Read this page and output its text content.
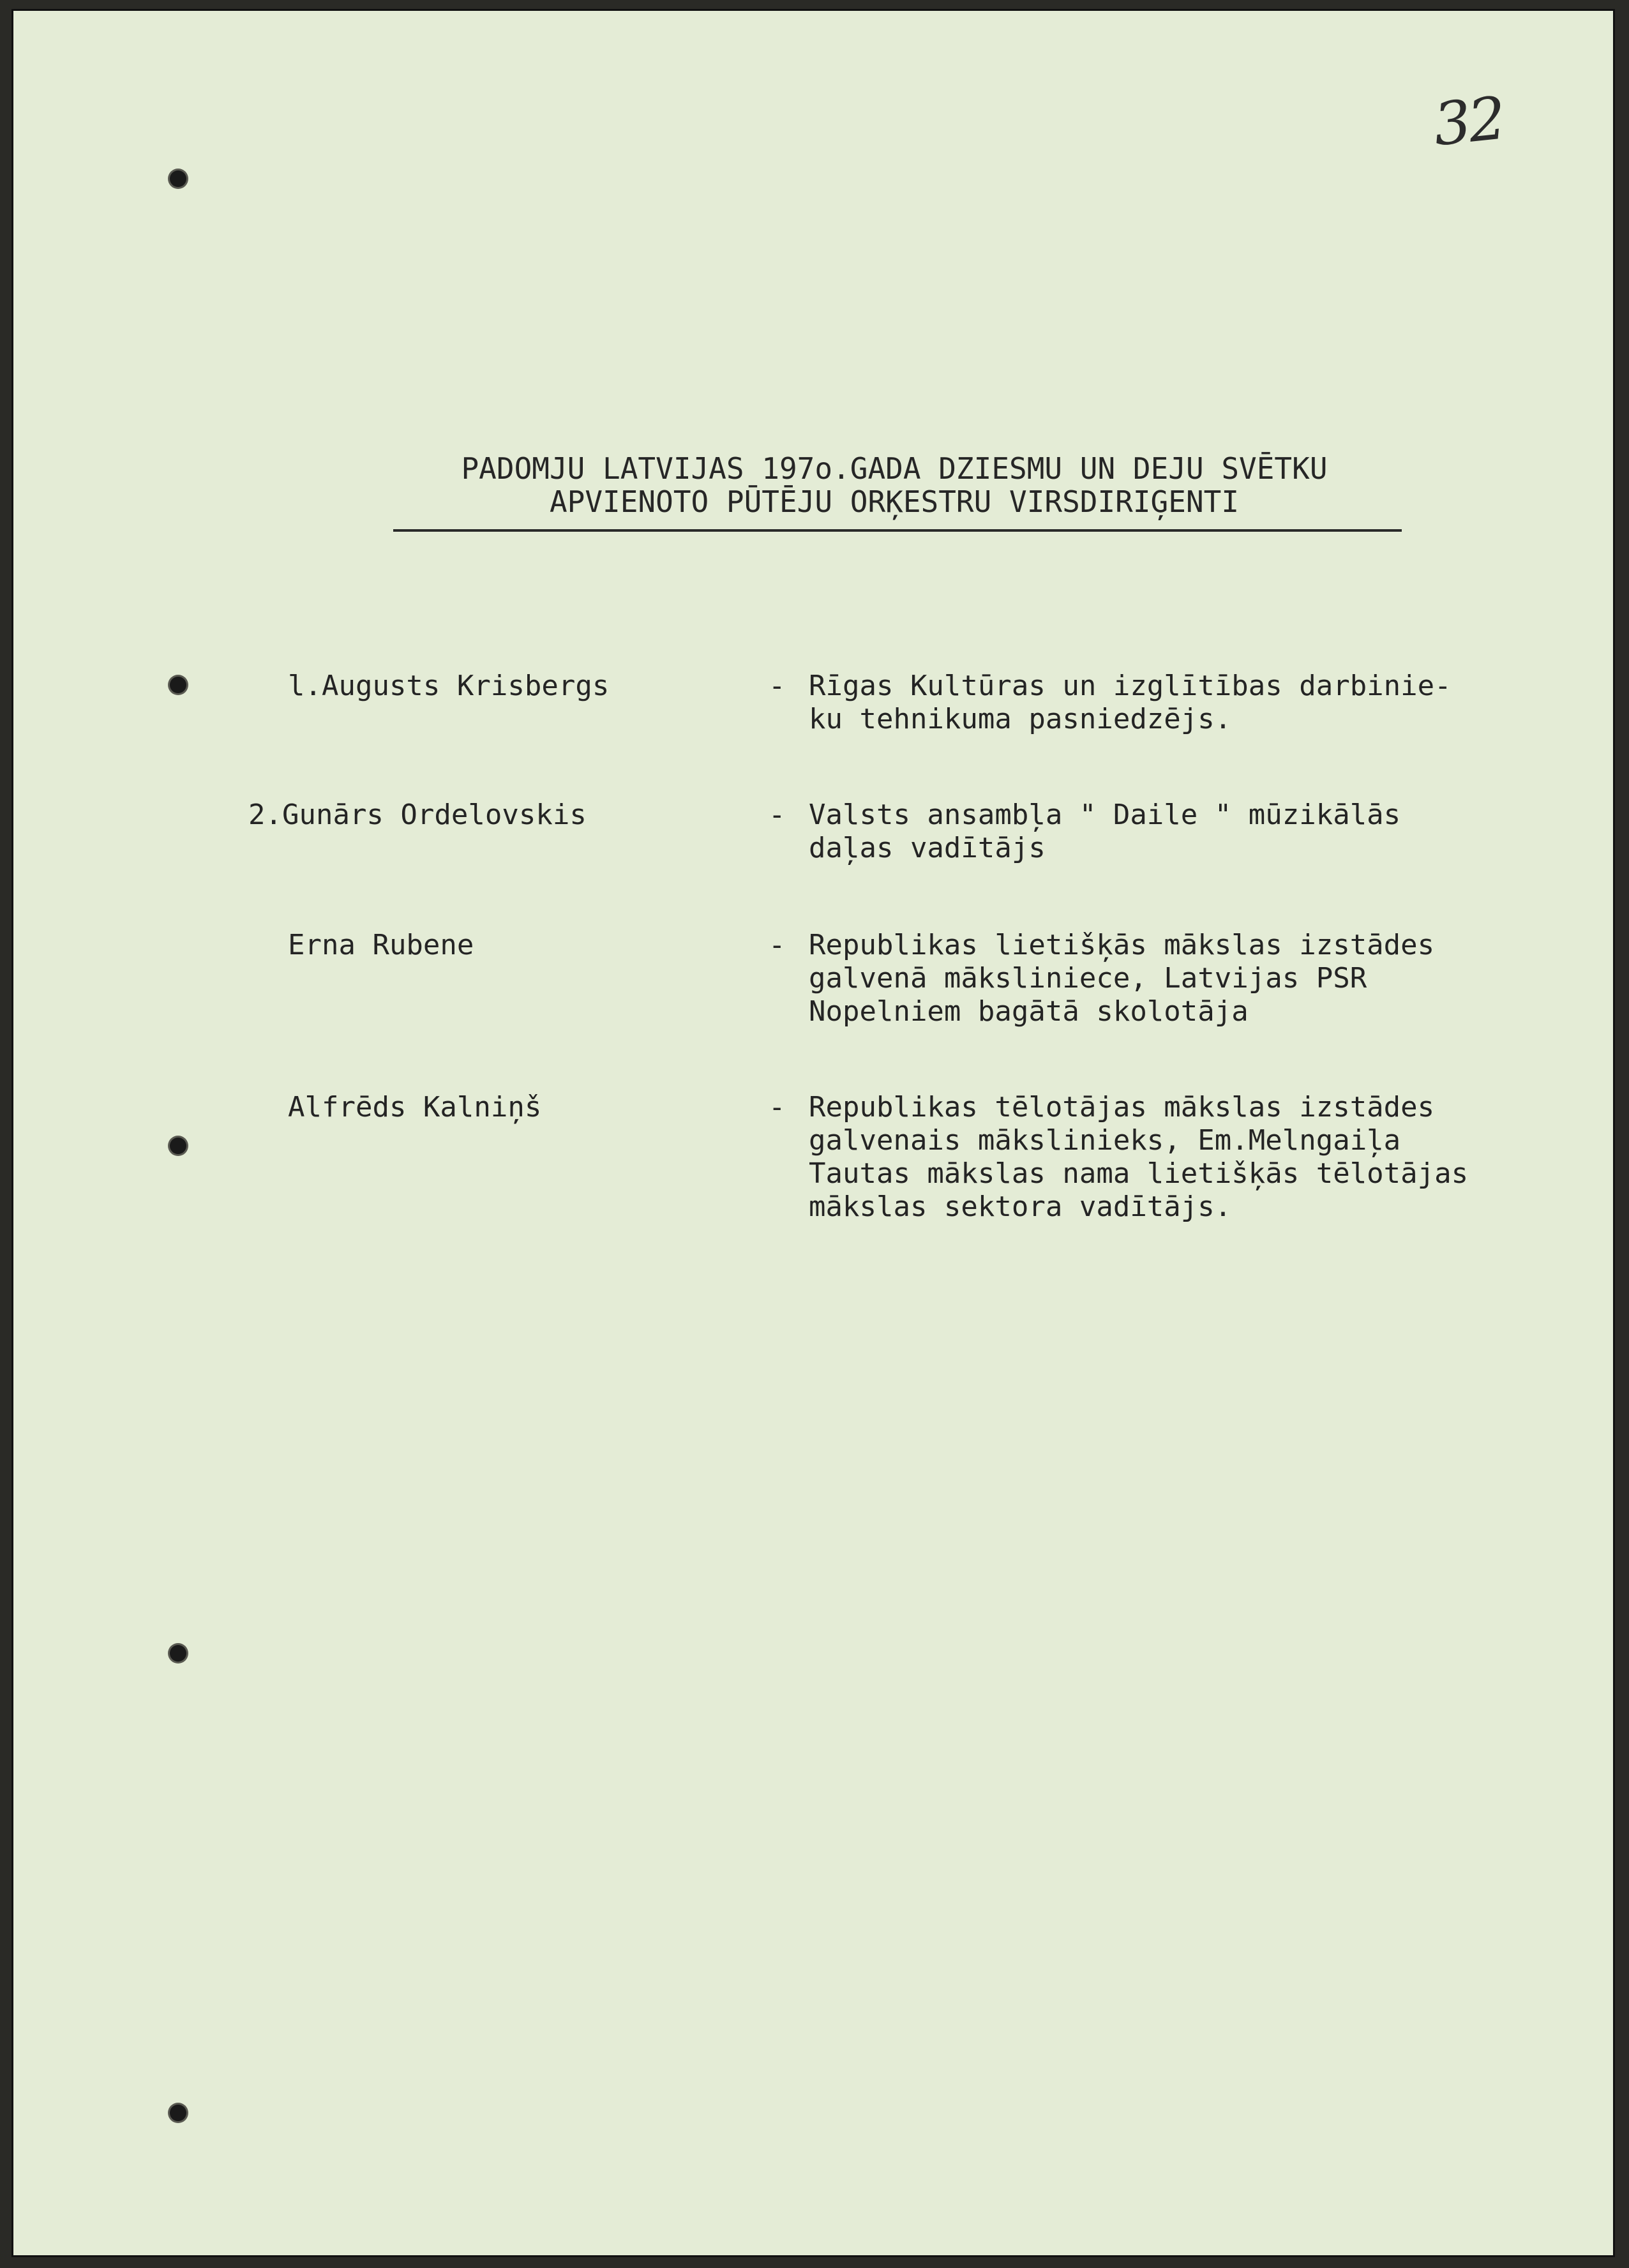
32
PADOMJU LATVIJAS 197o.GADA DZIESMU UN DEJU SVĒTKU
APVIENOTO PŪTĒJU ORĶESTRU VIRSDIRIĢENTI
l.Augusts Krisbergs	- Rīgas Kultūras un izglītības darbinie-
ku tehnikuma pasniedzējs.
2.Gunārs Ordelovskis	- Valsts ansambļa " Daile " mūzikālās
daļas vadītājs
Erna Rubene	- Republikas lietišķās mākslas izstādes
galvenā māksliniece, Latvijas PSR
Nopelniem bagātā skolotāja
Alfrēds Kalniņš	- Republikas tēlotājas mākslas izstādes
galvenais mākslinieks, Em.Melngaiļa
Tautas mākslas nama lietišķās tēlotājas
mākslas sektora vadītājs.
